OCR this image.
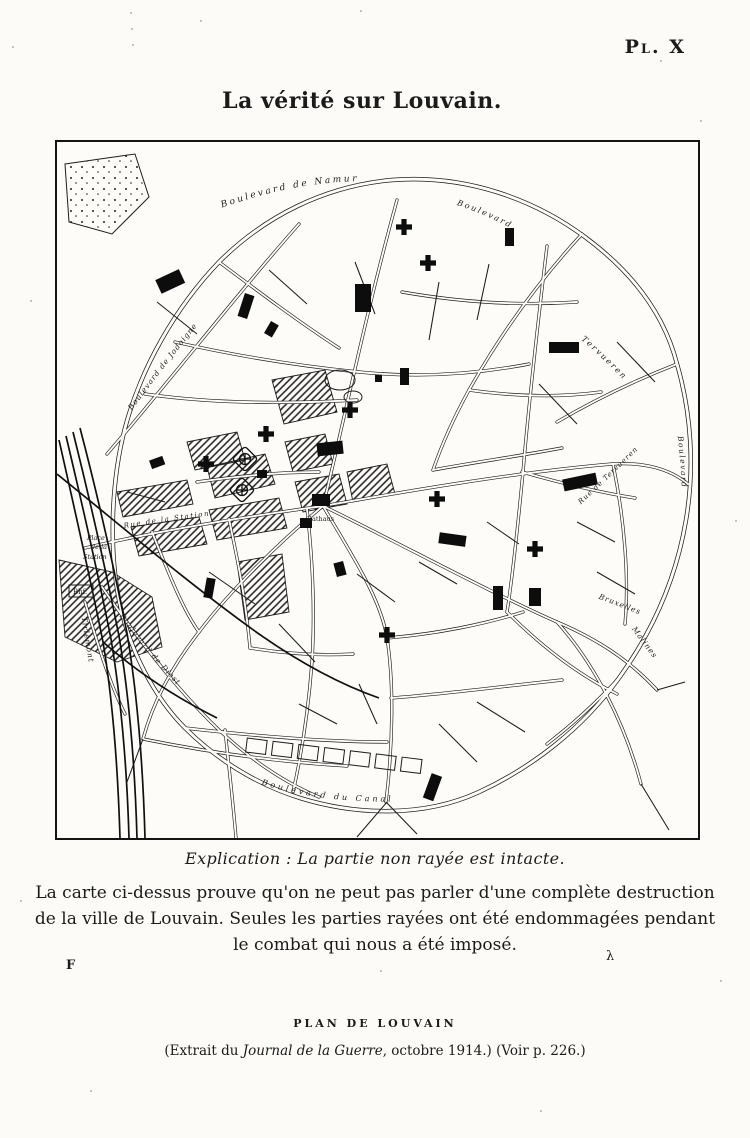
Pl. X
La vérité sur Louvain.
Boulevard de Namur
Boulevard de Jodoigne
Boulevard de Diest
Boulevard du Canal
Tervueren
Rue de Tervueren
Boulevard
Boulevard
Bruxelles
Malines
Rue de la Station
Tirlemont
Place
de la
Station
Rathaus
Bhf.
Explication : La partie non rayée est intacte.
La carte ci-dessus prouve qu'on ne peut pas parler d'une complète destruction
de la ville de Louvain. Seules les parties rayées ont été endommagées pendant
le combat qui nous a été imposé.
F
λ
PLAN DE LOUVAIN
(Extrait du Journal de la Guerre, octobre 1914.) (Voir p. 226.)
